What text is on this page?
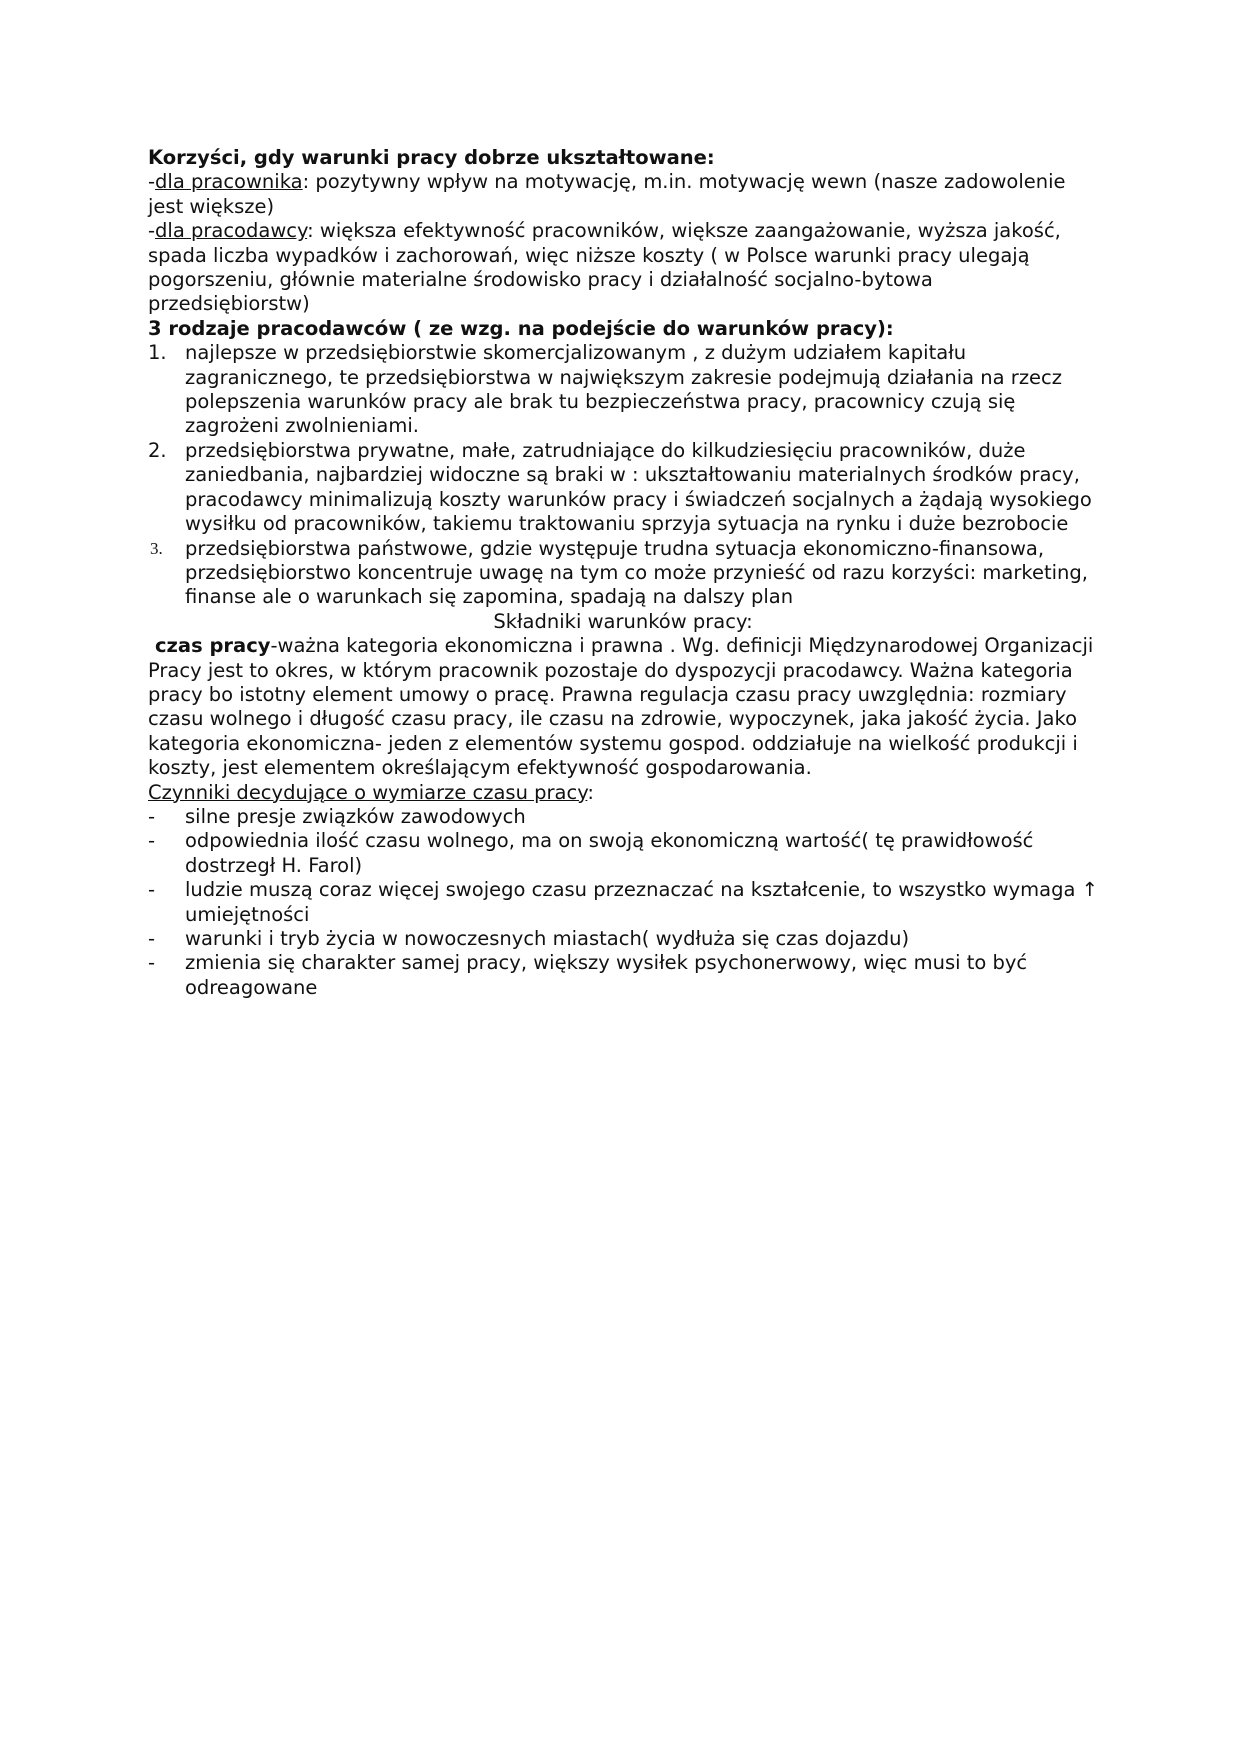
Korzyści, gdy warunki pracy dobrze ukształtowane:

-dla pracownika: pozytywny wpływ na motywację, m.in. motywację wewn (nasze zadowolenie jest większe)

-dla pracodawcy: większa efektywność pracowników, większe zaangażowanie, wyższa jakość, spada liczba wypadków i zachorowań, więc niższe koszty ( w Polsce warunki pracy ulegają pogorszeniu, głównie materialne środowisko pracy i działalność socjalno-bytowa przedsiębiorstw)

3 rodzaje pracodawców ( ze wzg. na podejście do warunków pracy):

1. najlepsze w przedsiębiorstwie skomercjalizowanym , z dużym udziałem kapitału zagranicznego, te przedsiębiorstwa w największym zakresie podejmują działania na rzecz polepszenia warunków pracy ale brak tu bezpieczeństwa pracy, pracownicy czują się zagrożeni zwolnieniami.
2. przedsiębiorstwa prywatne, małe, zatrudniające do kilkudziesięciu pracowników, duże zaniedbania, najbardziej widoczne są braki w : ukształtowaniu materialnych środków pracy, pracodawcy minimalizują koszty warunków pracy i świadczeń socjalnych a żądają wysokiego wysiłku od pracowników, takiemu traktowaniu sprzyja sytuacja na rynku i duże bezrobocie
3. przedsiębiorstwa państwowe, gdzie występuje trudna sytuacja ekonomiczno-finansowa, przedsiębiorstwo koncentruje uwagę na tym co może przynieść od razu korzyści: marketing, finanse ale o warunkach się zapomina, spadają na dalszy plan

Składniki warunków pracy:

czas pracy-ważna kategoria ekonomiczna i prawna . Wg. definicji Międzynarodowej Organizacji Pracy jest to okres, w którym pracownik pozostaje do dyspozycji pracodawcy. Ważna kategoria pracy bo istotny element umowy o pracę. Prawna regulacja czasu pracy uwzględnia: rozmiary czasu wolnego i długość czasu pracy, ile czasu na zdrowie, wypoczynek, jaka jakość życia. Jako kategoria ekonomiczna- jeden z elementów systemu gospod. oddziałuje na wielkość produkcji i koszty, jest elementem określającym efektywność gospodarowania.

Czynniki decydujące o wymiarze czasu pracy:

- silne presje związków zawodowych
- odpowiednia ilość czasu wolnego, ma on swoją ekonomiczną wartość( tę prawidłowość dostrzegł H. Farol)
- ludzie muszą coraz więcej swojego czasu przeznaczać na kształcenie, to wszystko wymaga ↑ umiejętności
- warunki i tryb życia w nowoczesnych miastach( wydłuża się czas dojazdu)
- zmienia się charakter samej pracy, większy wysiłek psychonerwowy, więc musi to być odreagowane
